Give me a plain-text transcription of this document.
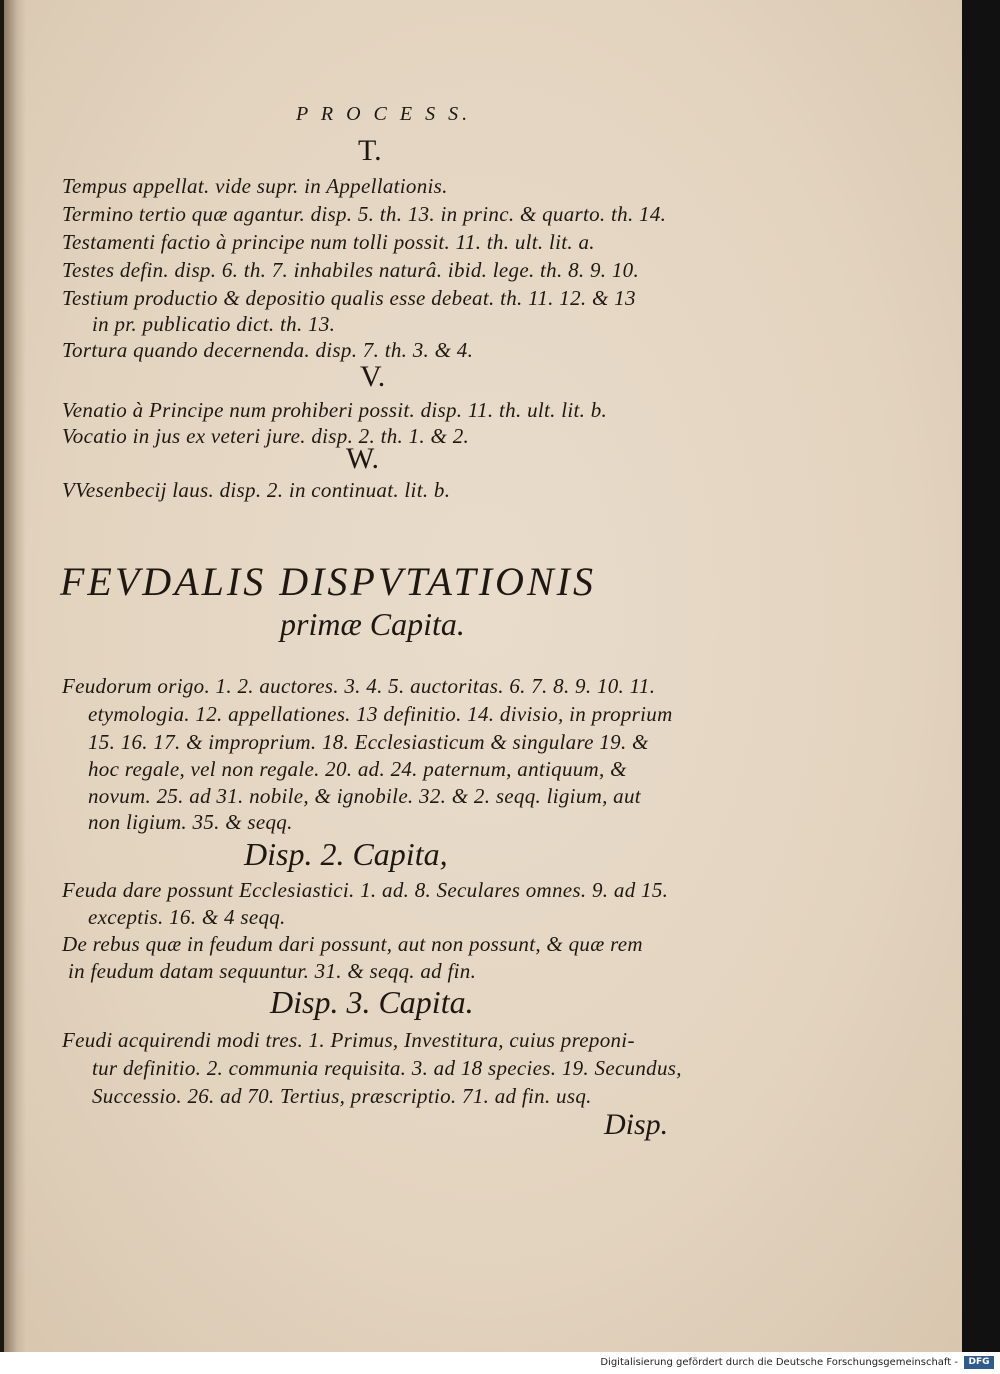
P R O C E S S.
T.
Tempus appellat. vide supr. in Appellationis.
Termino tertio quæ agantur. disp. 5. th. 13. in princ. & quarto. th. 14.
Testamenti factio à principe num tolli possit. 11. th. ult. lit. a.
Testes defin. disp. 6. th. 7. inhabiles naturâ. ibid. lege. th. 8. 9. 10.
Testium productio & depositio qualis esse debeat. th. 11. 12. & 13
in pr. publicatio dict. th. 13.
Tortura quando decernenda. disp. 7. th. 3. & 4.
V.
Venatio à Principe num prohiberi possit. disp. 11. th. ult. lit. b.
Vocatio in jus ex veteri jure. disp. 2. th. 1. & 2.
W.
VVesenbecij laus. disp. 2. in continuat. lit. b.
FEVDALIS DISPVTATIONIS
primæ Capita.
Feudorum origo. 1. 2. auctores. 3. 4. 5. auctoritas. 6. 7. 8. 9. 10. 11.
etymologia. 12. appellationes. 13 definitio. 14. divisio, in proprium
15. 16. 17. & improprium. 18. Ecclesiasticum & singulare 19. &
hoc regale, vel non regale. 20. ad. 24. paternum, antiquum, &
novum. 25. ad 31. nobile, & ignobile. 32. & 2. seqq. ligium, aut
non ligium. 35. & seqq.
Disp. 2. Capita,
Feuda dare possunt Ecclesiastici. 1. ad. 8. Seculares omnes. 9. ad 15.
exceptis. 16. & 4 seqq.
De rebus quæ in feudum dari possunt, aut non possunt, & quæ rem
in feudum datam sequuntur. 31. & seqq. ad fin.
Disp. 3. Capita.
Feudi acquirendi modi tres. 1. Primus, Investitura, cuius preponi-
tur definitio. 2. communia requisita. 3. ad 18 species. 19. Secundus,
Successio. 26. ad 70. Tertius, præscriptio. 71. ad fin. usq.
Disp.
Digitalisierung gefördert durch die Deutsche Forschungsgemeinschaft -	DFG
